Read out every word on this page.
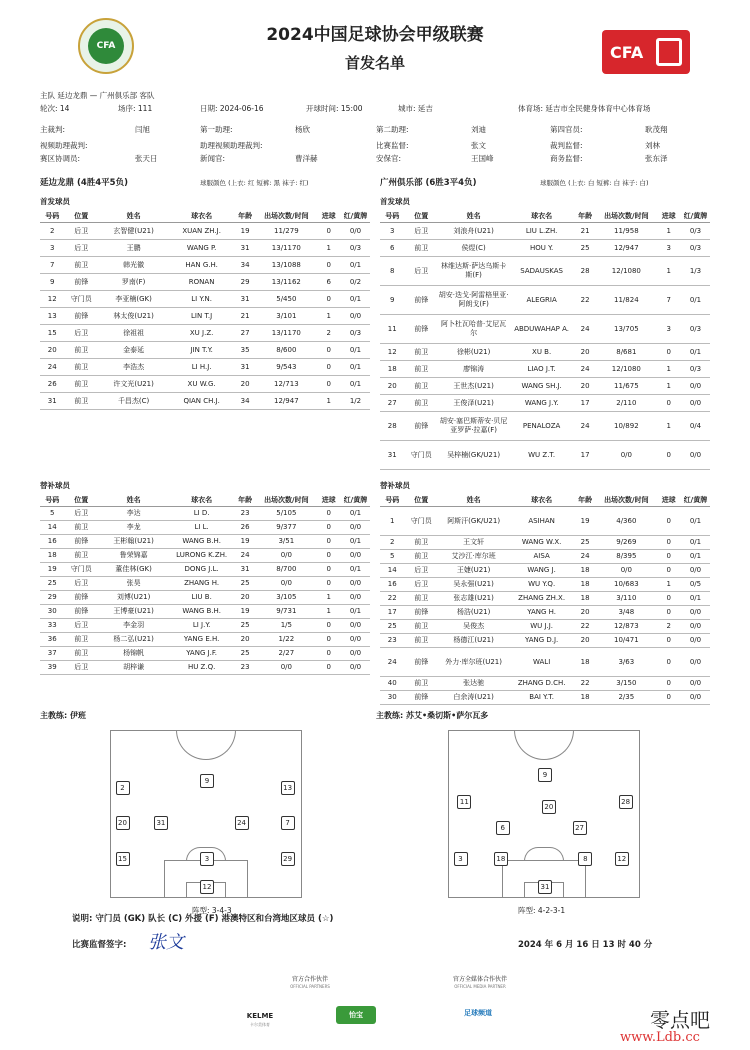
CFA
2024中国足球协会甲级联赛
首发名单
CFA
主队 延边龙鼎 — 广州俱乐部 客队
轮次: 14	场序: 111	日期: 2024-06-16	开球时间: 15:00	城市: 延吉	体育场: 延吉市全民健身体育中心体育场
主裁判:	闫旭	第一助理:	杨欣	第二助理:	刘迪	第四官员:	耿茂翔
视频助理裁判:	助理视频助理裁判:	比赛监督:	张文	裁判监督:	刘林
赛区协调员:	张天日	新闻官:	曹洋赫	安保官:	王国峰	商务监督:	张东泽
延边龙鼎 (4胜4平5负)	球服颜色 (上衣: 红 短裤: 黑 袜子: 红)	广州俱乐部 (6胜3平4负)	球服颜色 (上衣: 白 短裤: 白 袜子: 白)
首发球员	首发球员
号码	位置	姓名	球衣名	年龄	出场次数/时间	进球	红/黄牌
2	后卫	玄智健(U21)	XUAN ZH.J.	19	11/279	0	0/0
3	后卫	王鹏	WANG P.	31	13/1170	1	0/3
7	前卫	韩光徽	HAN G.H.	34	13/1088	0	0/1
9	前锋	罗南(F)	RONAN	29	13/1162	6	0/2
12	守门员	李亚楠(GK)	LI Y.N.	31	5/450	0	0/1
13	前锋	林太俊(U21)	LIN T.J	21	3/101	1	0/0
15	后卫	徐祖祖	XU J.Z.	27	13/1170	2	0/3
20	前卫	金泰延	JIN T.Y.	35	8/600	0	0/1
24	前卫	李浩杰	LI H.J.	31	9/543	0	0/1
26	前卫	许文光(U21)	XU W.G.	20	12/713	0	0/1
31	前卫	千昌杰(C)	QIAN CH.J.	34	12/947	1	1/2
号码	位置	姓名	球衣名	年龄	出场次数/时间	进球	红/黄牌
3	后卫	刘浪舟(U21)	LIU L.ZH.	21	11/958	1	0/3
6	前卫	侯煜(C)	HOU Y.	25	12/947	3	0/3
8	后卫	林维达斯·萨达乌斯卡斯(F)	SADAUSKAS	28	12/1080	1	1/3
9	前锋	胡安·迭戈·阿雷格里亚·阿朗戈(F)	ALEGRIA	22	11/824	7	0/1
11	前锋	阿卜杜瓦哈普·艾尼瓦尔	ABDUWAHAP A.	24	13/705	3	0/3
12	前卫	徐彬(U21)	XU B.	20	8/681	0	0/1
18	前卫	廖锦涛	LIAO J.T.	24	12/1080	1	0/3
20	前卫	王世杰(U21)	WANG SH.J.	20	11/675	1	0/0
27	前卫	王俊泽(U21)	WANG J.Y.	17	2/110	0	0/0
28	前锋	胡安·塞巴斯蒂安·贝尼亚罗萨·拉嘉(F)	PENALOZA	24	10/892	1	0/4
31	守门员	吴梓楠(GK/U21)	WU Z.T.	17	0/0	0	0/0
替补球员	替补球员
号码	位置	姓名	球衣名	年龄	出场次数/时间	进球	红/黄牌
5	后卫	李达	LI D.	23	5/105	0	0/1
14	前卫	李龙	LI L.	26	9/377	0	0/0
16	前锋	王彬翰(U21)	WANG B.H.	19	3/51	0	0/1
18	前卫	鲁荣锦嘉	LURONG K.ZH.	24	0/0	0	0/0
19	守门员	董佳林(GK)	DONG J.L.	31	8/700	0	0/1
25	后卫	张昊	ZHANG H.	25	0/0	0	0/0
29	前锋	刘博(U21)	LIU B.	20	3/105	1	0/0
30	前锋	王博豪(U21)	WANG B.H.	19	9/731	1	0/1
33	后卫	李金羽	LI J.Y.	25	1/5	0	0/0
36	前卫	杨二弘(U21)	YANG E.H.	20	1/22	0	0/0
37	前卫	杨锦帆	YANG J.F.	25	2/27	0	0/0
39	后卫	胡梓谦	HU Z.Q.	23	0/0	0	0/0
号码	位置	姓名	球衣名	年龄	出场次数/时间	进球	红/黄牌
1	守门员	阿斯汗(GK/U21)	ASIHAN	19	4/360	0	0/1
2	前卫	王文轩	WANG W.X.	25	9/269	0	0/1
5	前卫	艾沙江·库尔班	AISA	24	8/395	0	0/1
14	后卫	王婕(U21)	WANG J.	18	0/0	0	0/0
16	后卫	吴永强(U21)	WU Y.Q.	18	10/683	1	0/5
22	前卫	张志雄(U21)	ZHANG ZH.X.	18	3/110	0	0/1
17	前锋	杨浩(U21)	YANG H.	20	3/48	0	0/0
25	前卫	吴俊杰	WU J.J.	22	12/873	2	0/0
23	前卫	杨德江(U21)	YANG D.J.	20	10/471	0	0/0
24	前锋	外力·库尔班(U21)	WALI	18	3/63	0	0/0
40	前卫	张达驰	ZHANG D.CH.	22	3/150	0	0/0
30	前锋	白余涛(U21)	BAI Y.T.	18	2/35	0	0/0
主教练: 伊班	主教练: 苏艾•桑切斯•萨尔瓦多
2
9
13
20	31	24	7
15	3	29
12
阵型: 3-4-3
9
11
20
28
6	27
3	18	8	12
31
阵型: 4-2-3-1
说明: 守门员 (GK) 队长 (C) 外援 (F) 港澳特区和台湾地区球员 (☆)
比赛监督签字: 张文	2024 年 6 月 16 日 13 时 40 分
官方合作伙伴
OFFICIAL PARTNERS
官方全媒体合作伙伴
OFFICIAL MEDIA PARTNER
KELME
卡尔美体育
怡宝	足球频道	零点吧
www.Ldb.cc
